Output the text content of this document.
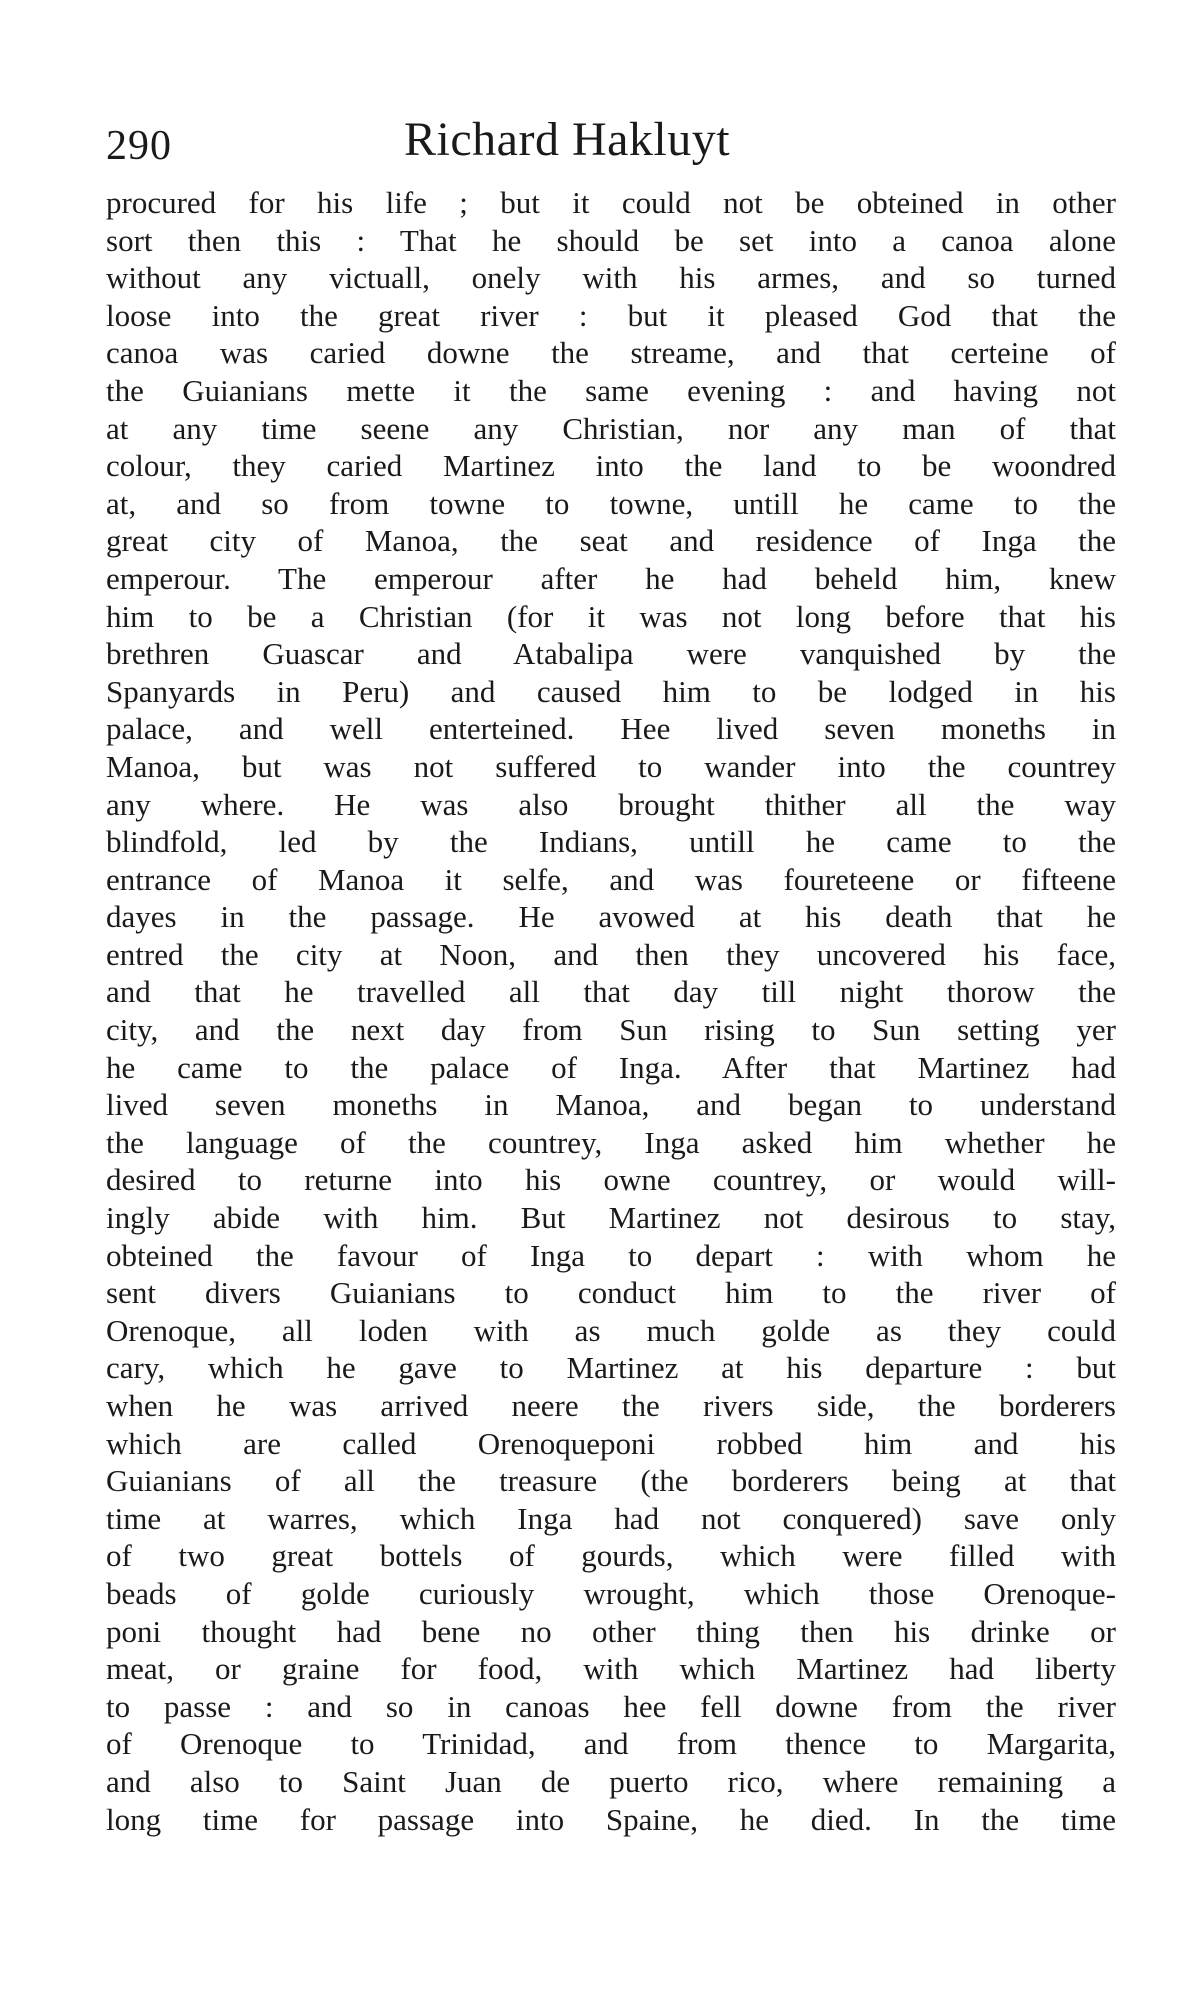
290	Richard Hakluyt
procured for his life ; but it could not be obteined in other
sort then this : That he should be set into a canoa alone
without any victuall, onely with his armes, and so turned
loose into the great river : but it pleased God that the
canoa was caried downe the streame, and that certeine of
the Guianians mette it the same evening : and having not
at any time seene any Christian, nor any man of that
colour, they caried Martinez into the land to be woondred
at, and so from towne to towne, untill he came to the
great city of Manoa, the seat and residence of Inga the
emperour. The emperour after he had beheld him, knew
him to be a Christian (for it was not long before that his
brethren Guascar and Atabalipa were vanquished by the
Spanyards in Peru) and caused him to be lodged in his
palace, and well enterteined. Hee lived seven moneths in
Manoa, but was not suffered to wander into the countrey
any where. He was also brought thither all the way
blindfold, led by the Indians, untill he came to the
entrance of Manoa it selfe, and was foureteene or fifteene
dayes in the passage. He avowed at his death that he
entred the city at Noon, and then they uncovered his face,
and that he travelled all that day till night thorow the
city, and the next day from Sun rising to Sun setting yer
he came to the palace of Inga. After that Martinez had
lived seven moneths in Manoa, and began to understand
the language of the countrey, Inga asked him whether he
desired to returne into his owne countrey, or would will-
ingly abide with him. But Martinez not desirous to stay,
obteined the favour of Inga to depart : with whom he
sent divers Guianians to conduct him to the river of
Orenoque, all loden with as much golde as they could
cary, which he gave to Martinez at his departure : but
when he was arrived neere the rivers side, the borderers
which are called Orenoqueponi robbed him and his
Guianians of all the treasure (the borderers being at that
time at warres, which Inga had not conquered) save only
of two great bottels of gourds, which were filled with
beads of golde curiously wrought, which those Orenoque-
poni thought had bene no other thing then his drinke or
meat, or graine for food, with which Martinez had liberty
to passe : and so in canoas hee fell downe from the river
of Orenoque to Trinidad, and from thence to Margarita,
and also to Saint Juan de puerto rico, where remaining a
long time for passage into Spaine, he died. In the time
